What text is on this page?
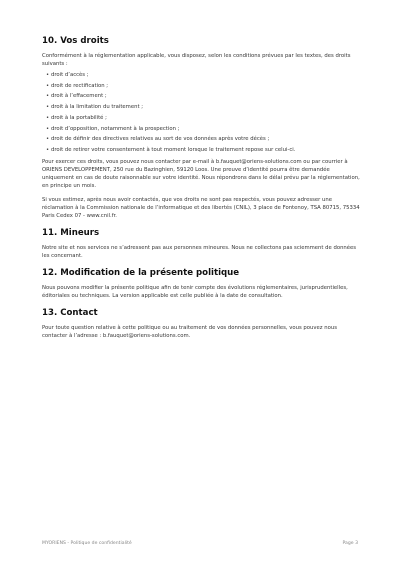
10. Vos droits

Conformément à la réglementation applicable, vous disposez, selon les conditions prévues par les textes, des droits suivants :

• droit d’accès ;
• droit de rectification ;
• droit à l’effacement ;
• droit à la limitation du traitement ;
• droit à la portabilité ;
• droit d’opposition, notamment à la prospection ;
• droit de définir des directives relatives au sort de vos données après votre décès ;
• droit de retirer votre consentement à tout moment lorsque le traitement repose sur celui-ci.

Pour exercer ces droits, vous pouvez nous contacter par e-mail à b.fauquet@oriens-solutions.com ou par courrier à ORIENS DEVELOPPEMENT, 250 rue du Bazinghien, 59120 Loos. Une preuve d’identité pourra être demandée uniquement en cas de doute raisonnable sur votre identité. Nous répondrons dans le délai prévu par la réglementation, en principe un mois.

Si vous estimez, après nous avoir contactés, que vos droits ne sont pas respectés, vous pouvez adresser une réclamation à la Commission nationale de l’informatique et des libertés (CNIL), 3 place de Fontenoy, TSA 80715, 75334 Paris Cedex 07 - www.cnil.fr.

11. Mineurs

Notre site et nos services ne s’adressent pas aux personnes mineures. Nous ne collectons pas sciemment de données les concernant.

12. Modification de la présente politique

Nous pouvons modifier la présente politique afin de tenir compte des évolutions réglementaires, jurisprudentielles, éditoriales ou techniques. La version applicable est celle publiée à la date de consultation.

13. Contact

Pour toute question relative à cette politique ou au traitement de vos données personnelles, vous pouvez nous contacter à l’adresse : b.fauquet@oriens-solutions.com.

MYORIENS - Politique de confidentialité	Page 3
